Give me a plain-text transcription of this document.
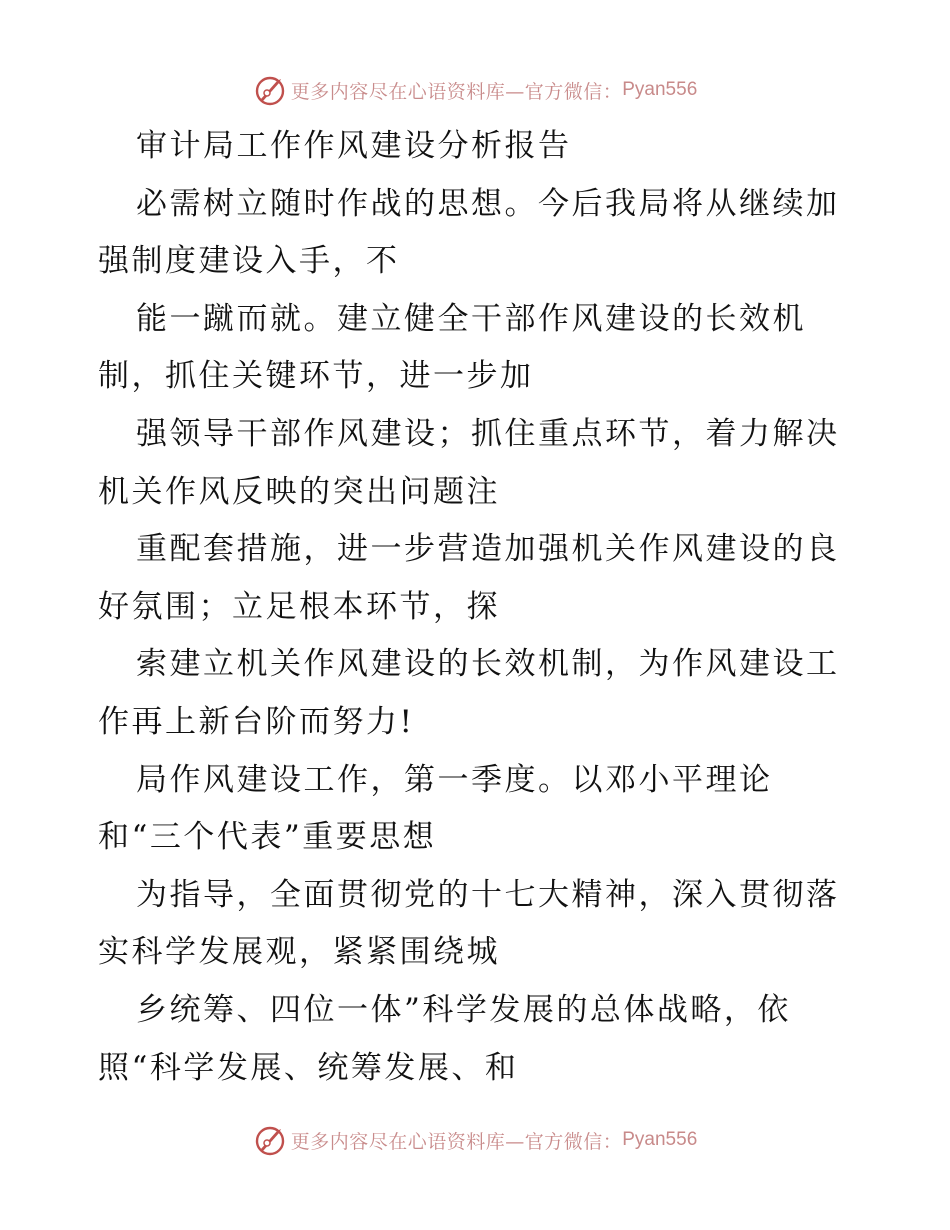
更多内容尽在心语资料库—官方微信： Pyan556
审计局工作作风建设分析报告
必需树立随时作战的思想。今后我局将从继续加
强制度建设入手，不
能一蹴而就。建立健全干部作风建设的长效机
制，抓住关键环节，进一步加
强领导干部作风建设；抓住重点环节，着力解决
机关作风反映的突出问题注
重配套措施，进一步营造加强机关作风建设的良
好氛围；立足根本环节，探
索建立机关作风建设的长效机制，为作风建设工
作再上新台阶而努力!
局作风建设工作，第一季度。以邓小平理论
和“三个代表”重要思想
为指导，全面贯彻党的十七大精神，深入贯彻落
实科学发展观，紧紧围绕城
乡统筹、四位一体”科学发展的总体战略，依
照“科学发展、统筹发展、和
更多内容尽在心语资料库—官方微信： Pyan556
